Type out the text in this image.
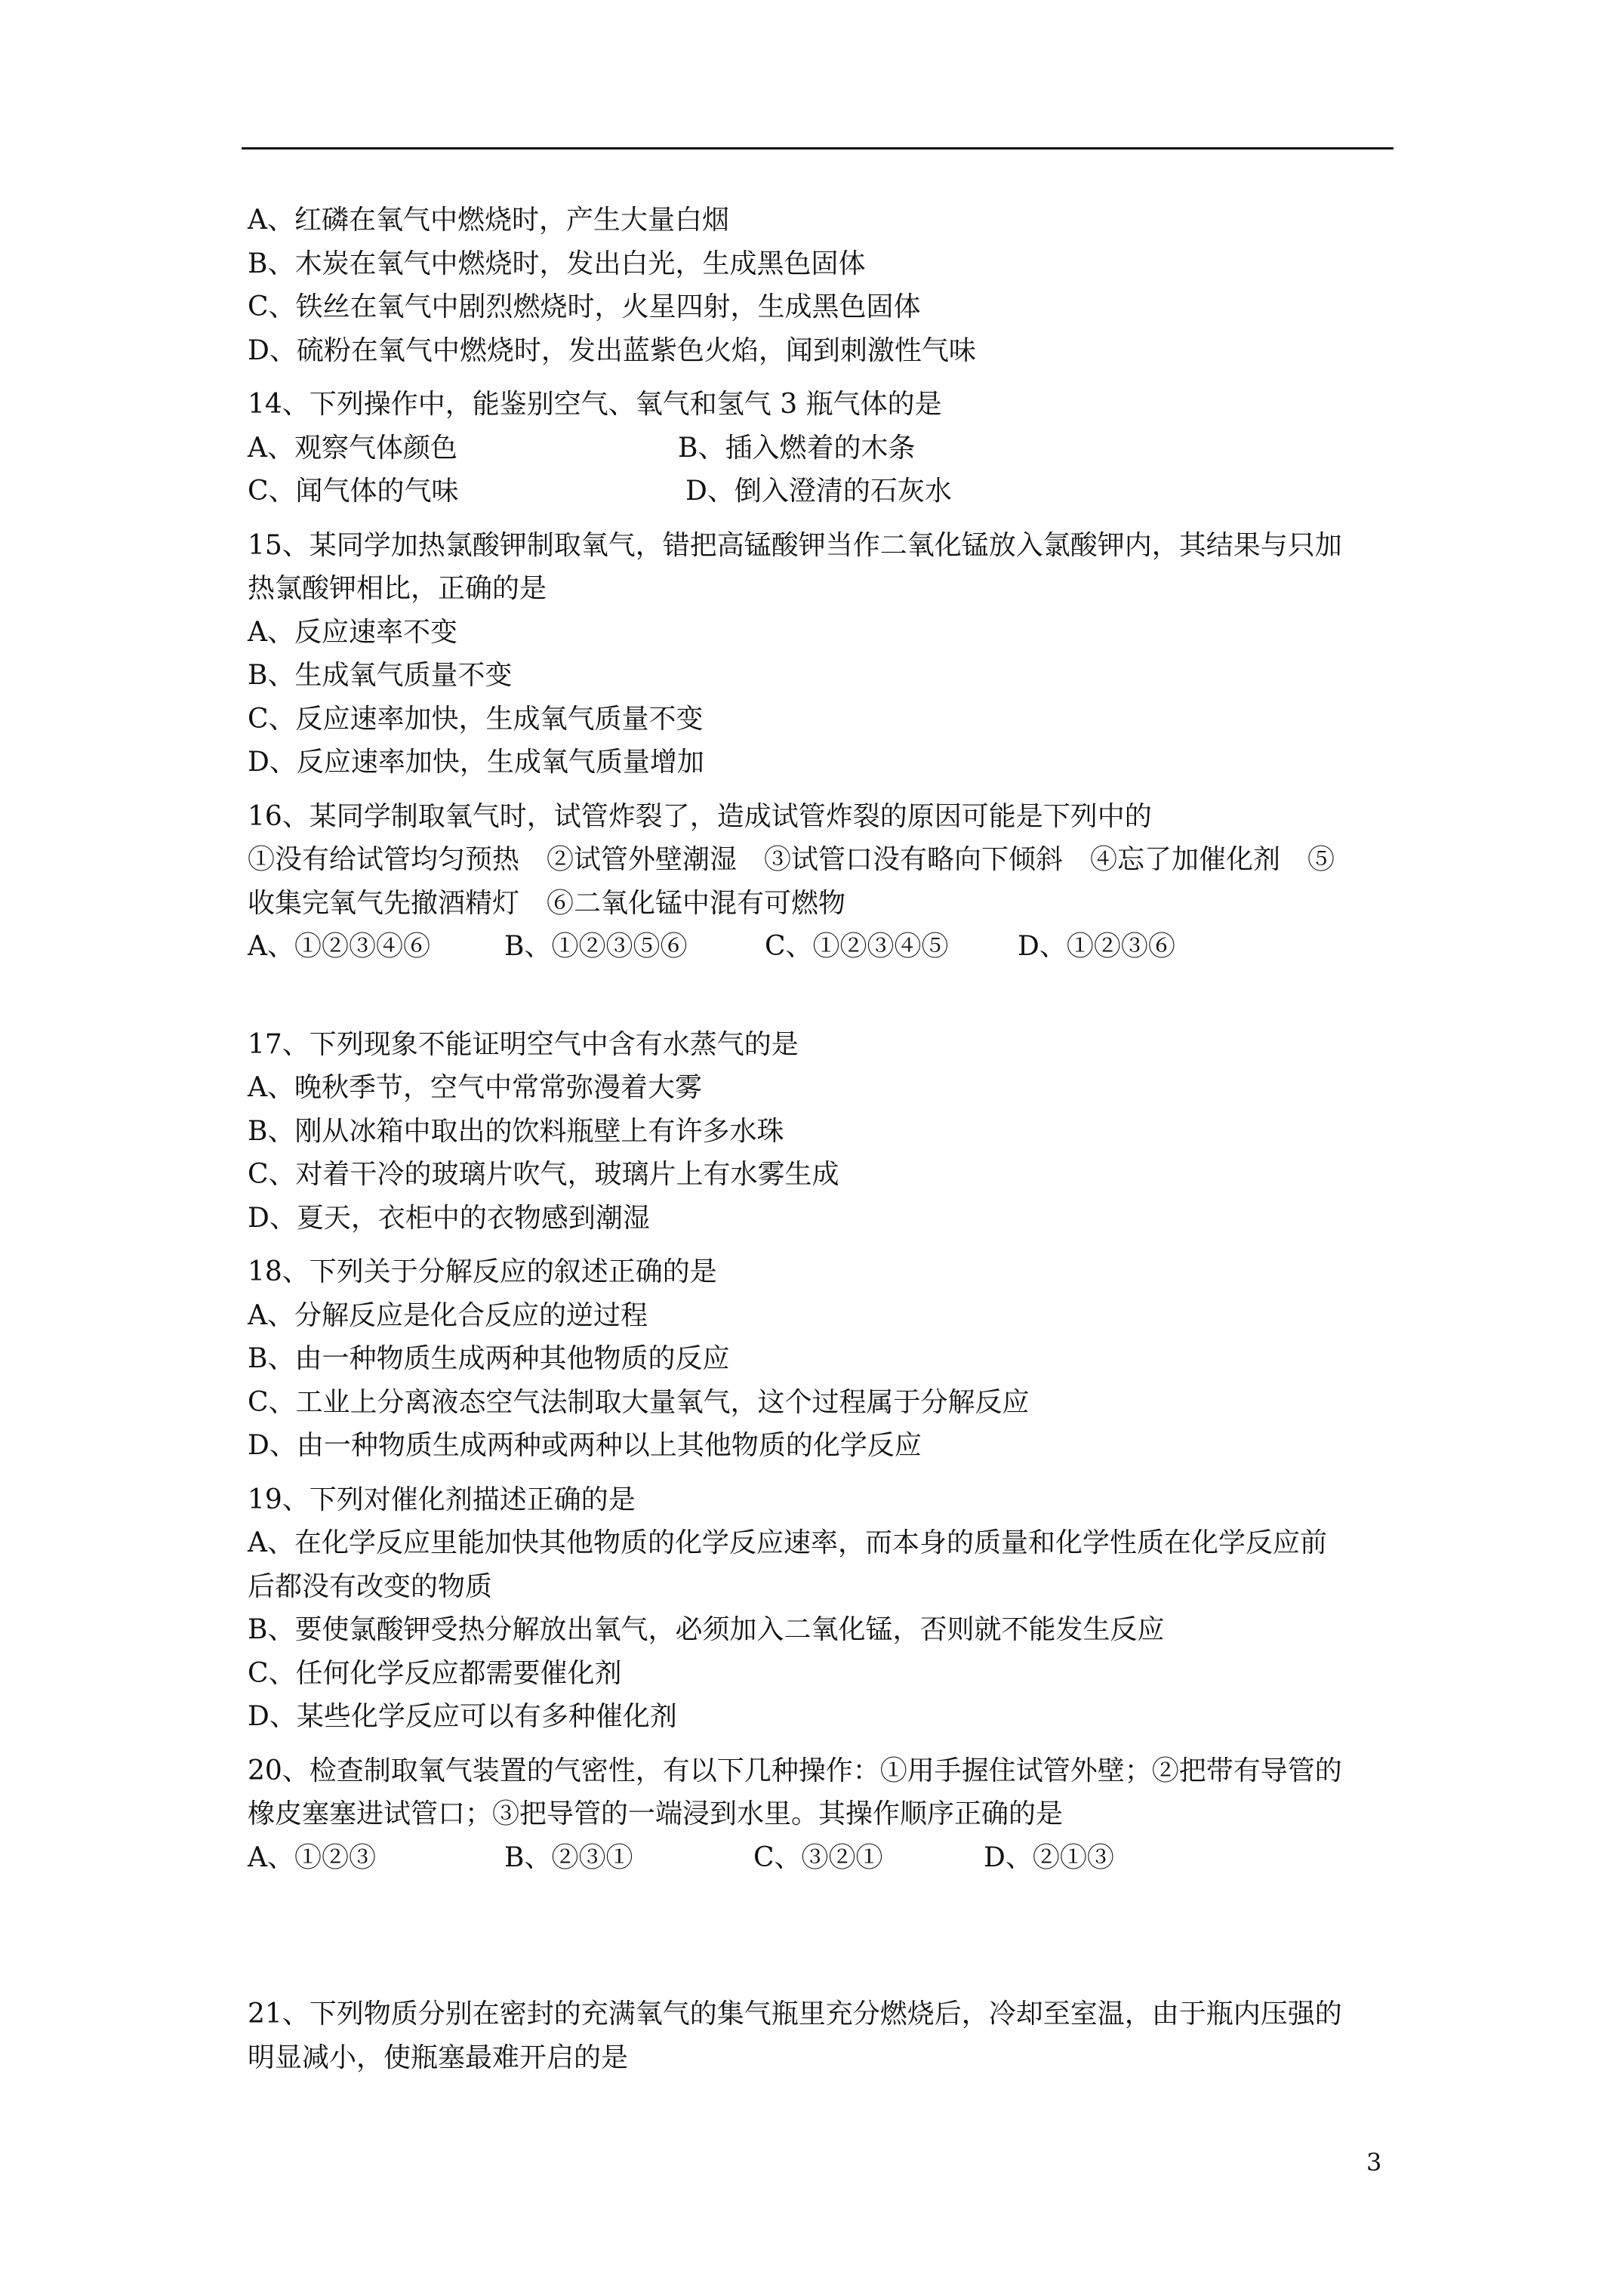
A、红磷在氧气中燃烧时，产生大量白烟
B、木炭在氧气中燃烧时，发出白光，生成黑色固体
C、铁丝在氧气中剧烈燃烧时，火星四射，生成黑色固体
D、硫粉在氧气中燃烧时，发出蓝紫色火焰，闻到刺激性气味
14、下列操作中，能鉴别空气、氧气和氢气 3 瓶气体的是
A、观察气体颜色	B、插入燃着的木条
C、闻气体的气味	D、倒入澄清的石灰水
15、某同学加热氯酸钾制取氧气，错把高锰酸钾当作二氧化锰放入氯酸钾内，其结果与只加
热氯酸钾相比，正确的是
A、反应速率不变
B、生成氧气质量不变
C、反应速率加快，生成氧气质量不变
D、反应速率加快，生成氧气质量增加
16、某同学制取氧气时，试管炸裂了，造成试管炸裂的原因可能是下列中的
①没有给试管均匀预热　②试管外壁潮湿　③试管口没有略向下倾斜　④忘了加催化剂　⑤
收集完氧气先撤酒精灯　⑥二氧化锰中混有可燃物
A、①②③④⑥	B、①②③⑤⑥	C、①②③④⑤	D、①②③⑥
17、下列现象不能证明空气中含有水蒸气的是
A、晚秋季节，空气中常常弥漫着大雾
B、刚从冰箱中取出的饮料瓶壁上有许多水珠
C、对着干冷的玻璃片吹气，玻璃片上有水雾生成
D、夏天，衣柜中的衣物感到潮湿
18、下列关于分解反应的叙述正确的是
A、分解反应是化合反应的逆过程
B、由一种物质生成两种其他物质的反应
C、工业上分离液态空气法制取大量氧气，这个过程属于分解反应
D、由一种物质生成两种或两种以上其他物质的化学反应
19、下列对催化剂描述正确的是
A、在化学反应里能加快其他物质的化学反应速率，而本身的质量和化学性质在化学反应前
后都没有改变的物质
B、要使氯酸钾受热分解放出氧气，必须加入二氧化锰，否则就不能发生反应
C、任何化学反应都需要催化剂
D、某些化学反应可以有多种催化剂
20、检查制取氧气装置的气密性，有以下几种操作：①用手握住试管外壁；②把带有导管的
橡皮塞塞进试管口；③把导管的一端浸到水里。其操作顺序正确的是
A、①②③	B、②③①	C、③②①	D、②①③
21、下列物质分别在密封的充满氧气的集气瓶里充分燃烧后，冷却至室温，由于瓶内压强的
明显减小，使瓶塞最难开启的是
3
